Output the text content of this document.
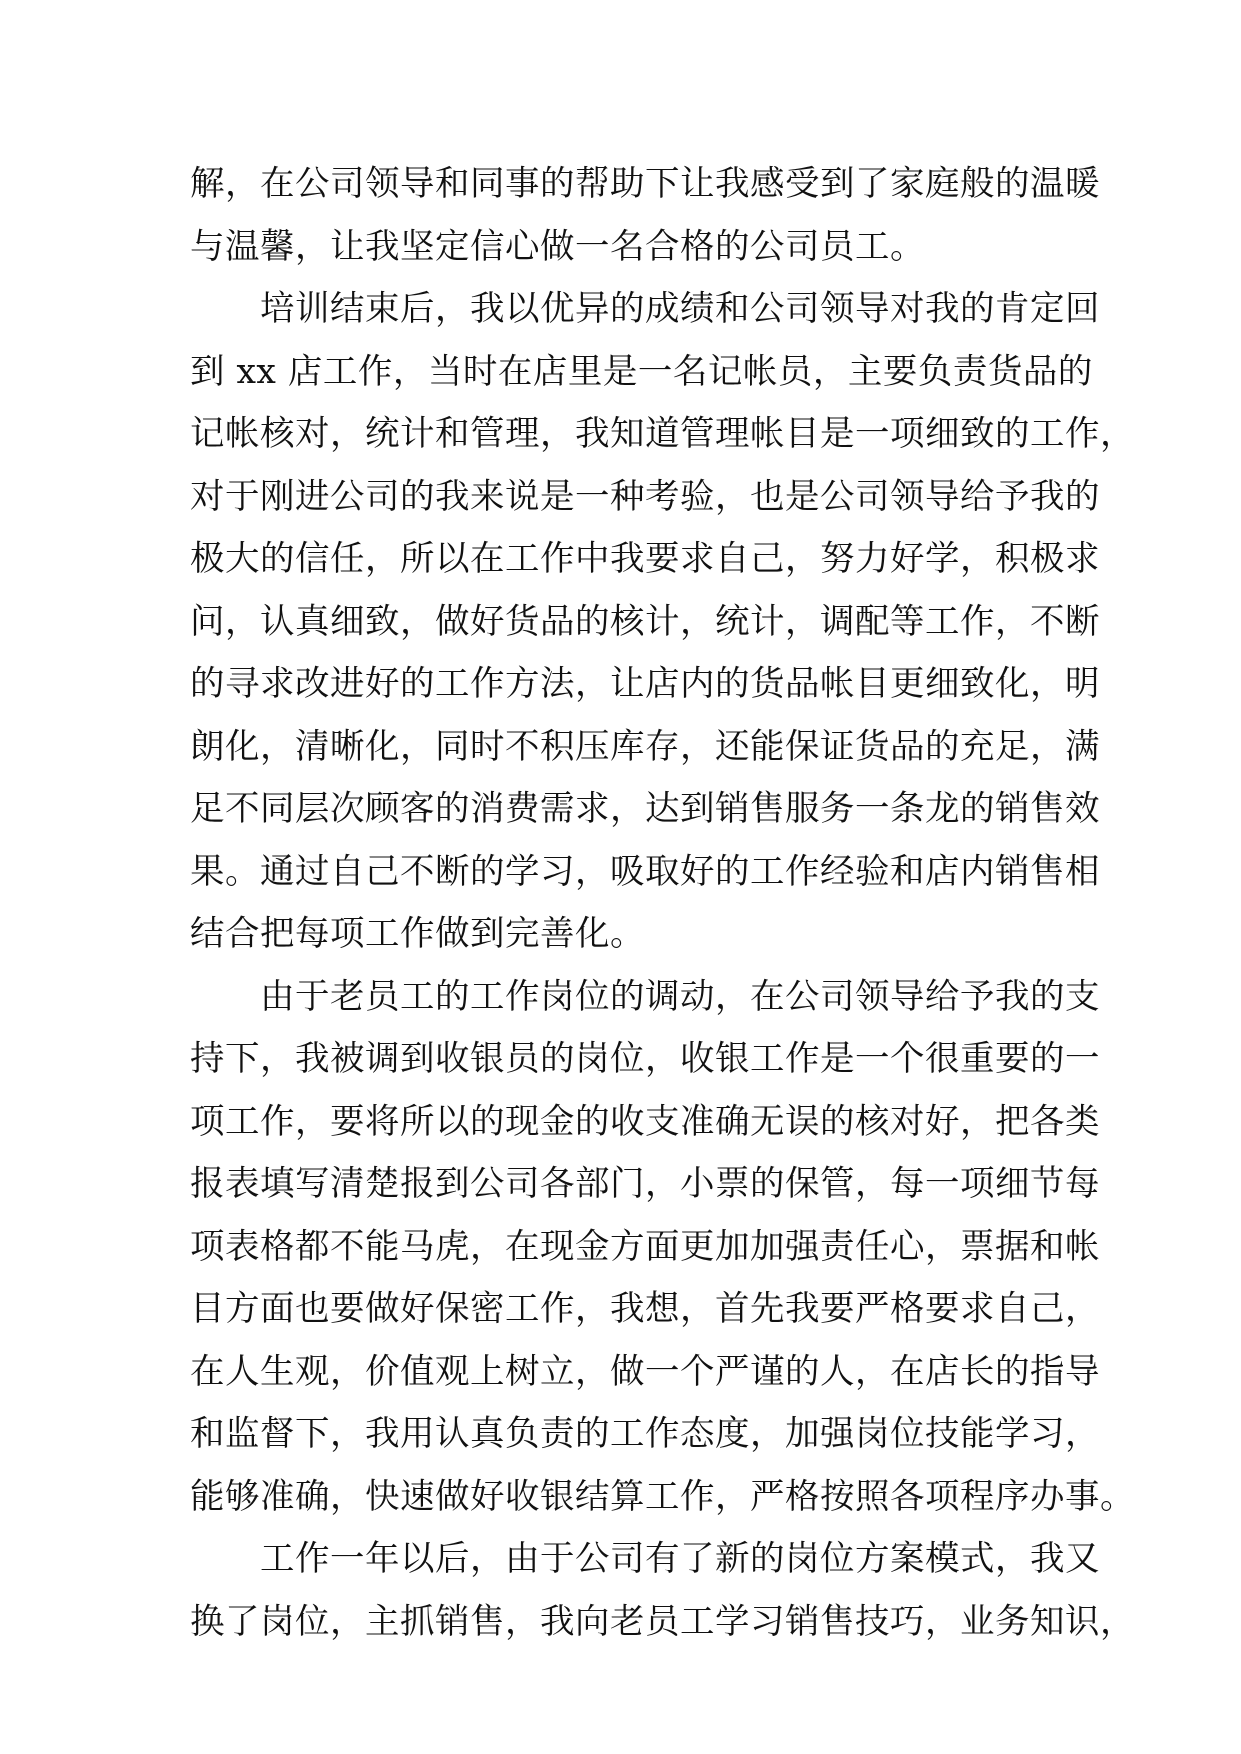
解，在公司领导和同事的帮助下让我感受到了家庭般的温暖
与温馨，让我坚定信心做一名合格的公司员工。
　　培训结束后，我以优异的成绩和公司领导对我的肯定回
到 xx 店工作，当时在店里是一名记帐员，主要负责货品的
记帐核对，统计和管理，我知道管理帐目是一项细致的工作，
对于刚进公司的我来说是一种考验，也是公司领导给予我的
极大的信任，所以在工作中我要求自己，努力好学，积极求
问，认真细致，做好货品的核计，统计，调配等工作，不断
的寻求改进好的工作方法，让店内的货品帐目更细致化，明
朗化，清晰化，同时不积压库存，还能保证货品的充足，满
足不同层次顾客的消费需求，达到销售服务一条龙的销售效
果。通过自己不断的学习，吸取好的工作经验和店内销售相
结合把每项工作做到完善化。
　　由于老员工的工作岗位的调动，在公司领导给予我的支
持下，我被调到收银员的岗位，收银工作是一个很重要的一
项工作，要将所以的现金的收支准确无误的核对好，把各类
报表填写清楚报到公司各部门，小票的保管，每一项细节每
项表格都不能马虎，在现金方面更加加强责任心，票据和帐
目方面也要做好保密工作，我想，首先我要严格要求自己，
在人生观，价值观上树立，做一个严谨的人，在店长的指导
和监督下，我用认真负责的工作态度，加强岗位技能学习，
能够准确，快速做好收银结算工作，严格按照各项程序办事。
　　工作一年以后，由于公司有了新的岗位方案模式，我又
换了岗位，主抓销售，我向老员工学习销售技巧，业务知识，
